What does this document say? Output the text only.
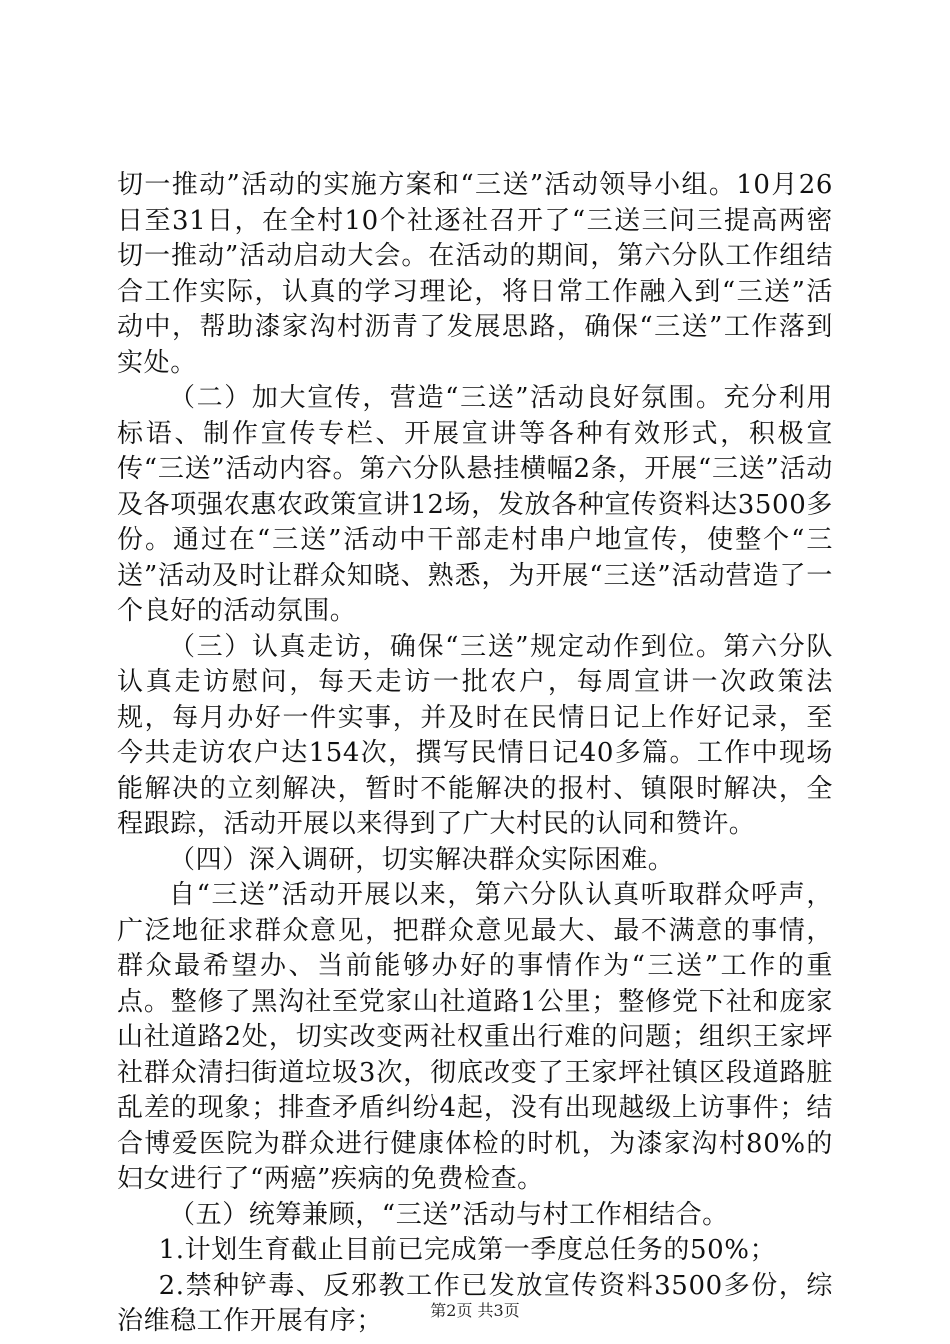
切一推动”活动的实施方案和“三送”活动领导小组。10月26日至31日，在全村10个社逐社召开了“三送三问三提高两密切一推动”活动启动大会。在活动的期间，第六分队工作组结合工作实际，认真的学习理论，将日常工作融入到“三送”活动中，帮助漆家沟村沥青了发展思路，确保“三送”工作落到实处。

（二）加大宣传，营造“三送”活动良好氛围。充分利用标语、制作宣传专栏、开展宣讲等各种有效形式，积极宣传“三送”活动内容。第六分队悬挂横幅2条，开展“三送”活动及各项强农惠农政策宣讲12场，发放各种宣传资料达3500多份。通过在“三送”活动中干部走村串户地宣传，使整个“三送”活动及时让群众知晓、熟悉，为开展“三送”活动营造了一个良好的活动氛围。

（三）认真走访，确保“三送”规定动作到位。第六分队认真走访慰问，每天走访一批农户，每周宣讲一次政策法规，每月办好一件实事，并及时在民情日记上作好记录，至今共走访农户达154次，撰写民情日记40多篇。工作中现场能解决的立刻解决，暂时不能解决的报村、镇限时解决，全程跟踪，活动开展以来得到了广大村民的认同和赞许。

（四）深入调研，切实解决群众实际困难。

自“三送”活动开展以来，第六分队认真听取群众呼声，广泛地征求群众意见，把群众意见最大、最不满意的事情，群众最希望办、当前能够办好的事情作为“三送”工作的重点。整修了黑沟社至党家山社道路1公里；整修党下社和庞家山社道路2处，切实改变两社权重出行难的问题；组织王家坪社群众清扫街道垃圾3次，彻底改变了王家坪社镇区段道路脏乱差的现象；排查矛盾纠纷4起，没有出现越级上访事件；结合博爱医院为群众进行健康体检的时机，为漆家沟村80%的妇女进行了“两癌”疾病的免费检查。

（五）统筹兼顾，“三送”活动与村工作相结合。

1.计划生育截止目前已完成第一季度总任务的50%；

2.禁种铲毒、反邪教工作已发放宣传资料3500多份，综治维稳工作开展有序；	第2页 共3页
